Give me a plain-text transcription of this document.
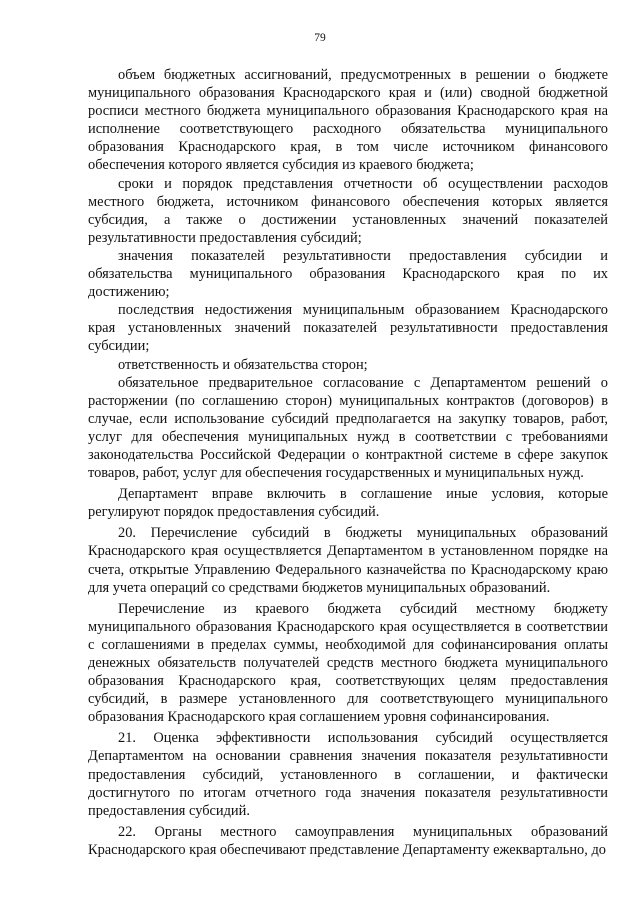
79

объем бюджетных ассигнований, предусмотренных в решении о бюджете муниципального образования Краснодарского края и (или) сводной бюджетной росписи местного бюджета муниципального образования Краснодарского края на исполнение соответствующего расходного обязательства муниципального образования Краснодарского края, в том числе источником финансового обеспечения которого является субсидия из краевого бюджета;

сроки и порядок представления отчетности об осуществлении расходов местного бюджета, источником финансового обеспечения которых является субсидия, а также о достижении установленных значений показателей результативности предоставления субсидий;

значения показателей результативности предоставления субсидии и обязательства муниципального образования Краснодарского края по их достижению;

последствия недостижения муниципальным образованием Краснодарского края установленных значений показателей результативности предоставления субсидии;

ответственность и обязательства сторон;

обязательное предварительное согласование с Департаментом решений о расторжении (по соглашению сторон) муниципальных контрактов (договоров) в случае, если использование субсидий предполагается на закупку товаров, работ, услуг для обеспечения муниципальных нужд в соответствии с требованиями законодательства Российской Федерации о контрактной системе в сфере закупок товаров, работ, услуг для обеспечения государственных и муниципальных нужд.

Департамент вправе включить в соглашение иные условия, которые регулируют порядок предоставления субсидий.

20. Перечисление субсидий в бюджеты муниципальных образований Краснодарского края осуществляется Департаментом в установленном порядке на счета, открытые Управлению Федерального казначейства по Краснодарскому краю для учета операций со средствами бюджетов муниципальных образований.

Перечисление из краевого бюджета субсидий местному бюджету муниципального образования Краснодарского края осуществляется в соответствии с соглашениями в пределах суммы, необходимой для софинансирования оплаты денежных обязательств получателей средств местного бюджета муниципального образования Краснодарского края, соответствующих целям предоставления субсидий, в размере установленного для соответствующего муниципального образования Краснодарского края соглашением уровня софинансирования.

21. Оценка эффективности использования субсидий осуществляется Департаментом на основании сравнения значения показателя результативности предоставления субсидий, установленного в соглашении, и фактически достигнутого по итогам отчетного года значения показателя результативности предоставления субсидий.

22. Органы местного самоуправления муниципальных образований Краснодарского края обеспечивают представление Департаменту ежеквартально, до
